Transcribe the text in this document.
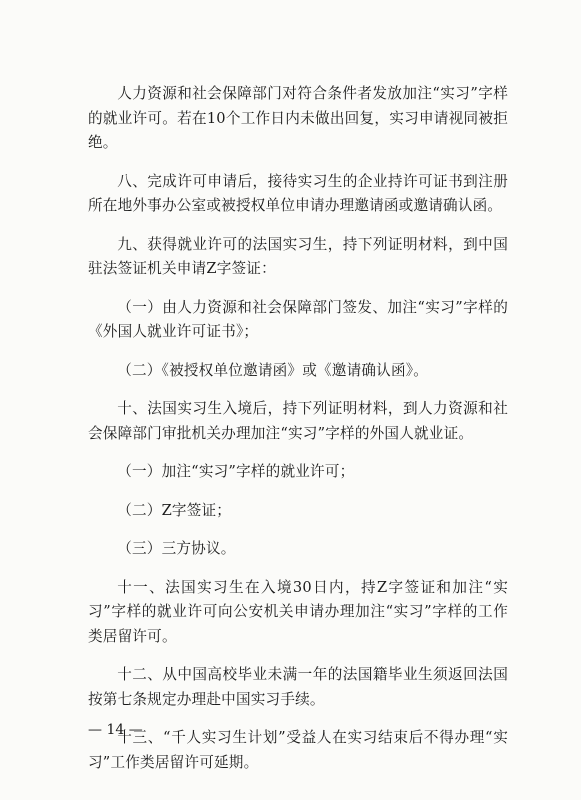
人力资源和社会保障部门对符合条件者发放加注“实习”字样的就业许可。若在10个工作日内未做出回复，实习申请视同被拒绝。

八、完成许可申请后，接待实习生的企业持许可证书到注册所在地外事办公室或被授权单位申请办理邀请函或邀请确认函。

九、获得就业许可的法国实习生，持下列证明材料，到中国驻法签证机关申请Z字签证：

（一）由人力资源和社会保障部门签发、加注“实习”字样的《外国人就业许可证书》；

（二）《被授权单位邀请函》或《邀请确认函》。

十、法国实习生入境后，持下列证明材料，到人力资源和社会保障部门审批机关办理加注“实习”字样的外国人就业证。

（一）加注“实习”字样的就业许可；

（二）Z字签证；

（三）三方协议。

十一、法国实习生在入境30日内，持Z字签证和加注“实习”字样的就业许可向公安机关申请办理加注“实习”字样的工作类居留许可。

十二、从中国高校毕业未满一年的法国籍毕业生须返回法国按第七条规定办理赴中国实习手续。

十三、“千人实习生计划”受益人在实习结束后不得办理“实习”工作类居留许可延期。

— 14 —
